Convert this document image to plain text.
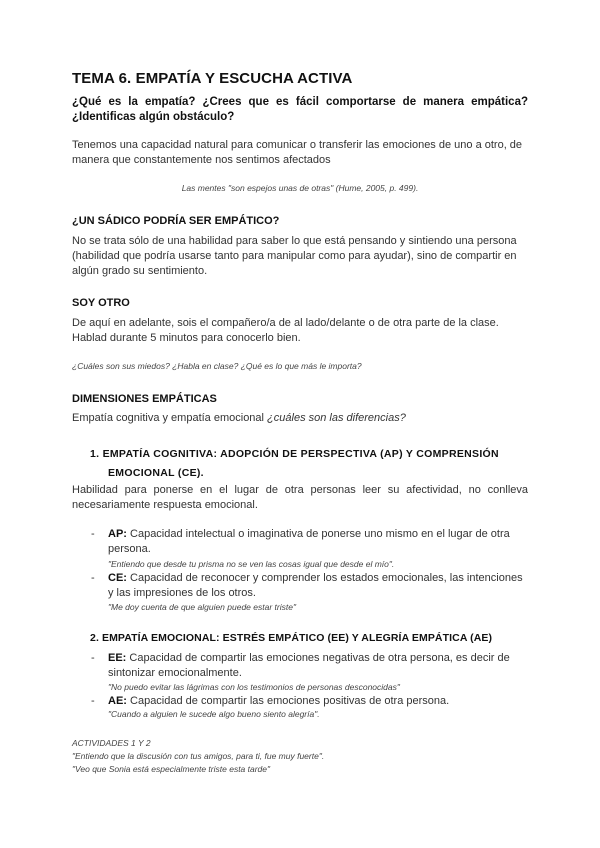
TEMA 6. EMPATÍA Y ESCUCHA ACTIVA

¿Qué es la empatía? ¿Crees que es fácil comportarse de manera empática? ¿Identificas algún obstáculo?

Tenemos una capacidad natural para comunicar o transferir las emociones de uno a otro, de manera que constantemente nos sentimos afectados

Las mentes "son espejos unas de otras" (Hume, 2005, p. 499).

¿UN SÁDICO PODRÍA SER EMPÁTICO?

No se trata sólo de una habilidad para saber lo que está pensando y sintiendo una persona (habilidad que podría usarse tanto para manipular como para ayudar), sino de compartir en algún grado su sentimiento.

SOY OTRO

De aquí en adelante, sois el compañero/a de al lado/delante o de otra parte de la clase. Hablad durante 5 minutos para conocerlo bien.

¿Cuáles son sus miedos? ¿Habla en clase? ¿Qué es lo que más le importa?

DIMENSIONES EMPÁTICAS

Empatía cognitiva y empatía emocional ¿cuáles son las diferencias?

1. EMPATÍA COGNITIVA: ADOPCIÓN DE PERSPECTIVA (AP) Y COMPRENSIÓN
EMOCIONAL (CE).

Habilidad para ponerse en el lugar de otra personas leer su afectividad, no conlleva necesariamente respuesta emocional.

- AP: Capacidad intelectual o imaginativa de ponerse uno mismo en el lugar de otra persona.

"Entiendo que desde tu prisma no se ven las cosas igual que desde el mío".

- CE: Capacidad de reconocer y comprender los estados emocionales, las intenciones y las impresiones de los otros.

"Me doy cuenta de que alguien puede estar triste"

2. EMPATÍA EMOCIONAL: ESTRÉS EMPÁTICO (EE) Y ALEGRÍA EMPÁTICA (AE)
- EE: Capacidad de compartir las emociones negativas de otra persona, es decir de sintonizar emocionalmente.

"No puedo evitar las lágrimas con los testimonios de personas desconocidas"

- AE: Capacidad de compartir las emociones positivas de otra persona.

"Cuando a alguien le sucede algo bueno siento alegría".

ACTIVIDADES 1 Y 2

"Entiendo que la discusión con tus amigos, para ti, fue muy fuerte".

"Veo que Sonia está especialmente triste esta tarde"
